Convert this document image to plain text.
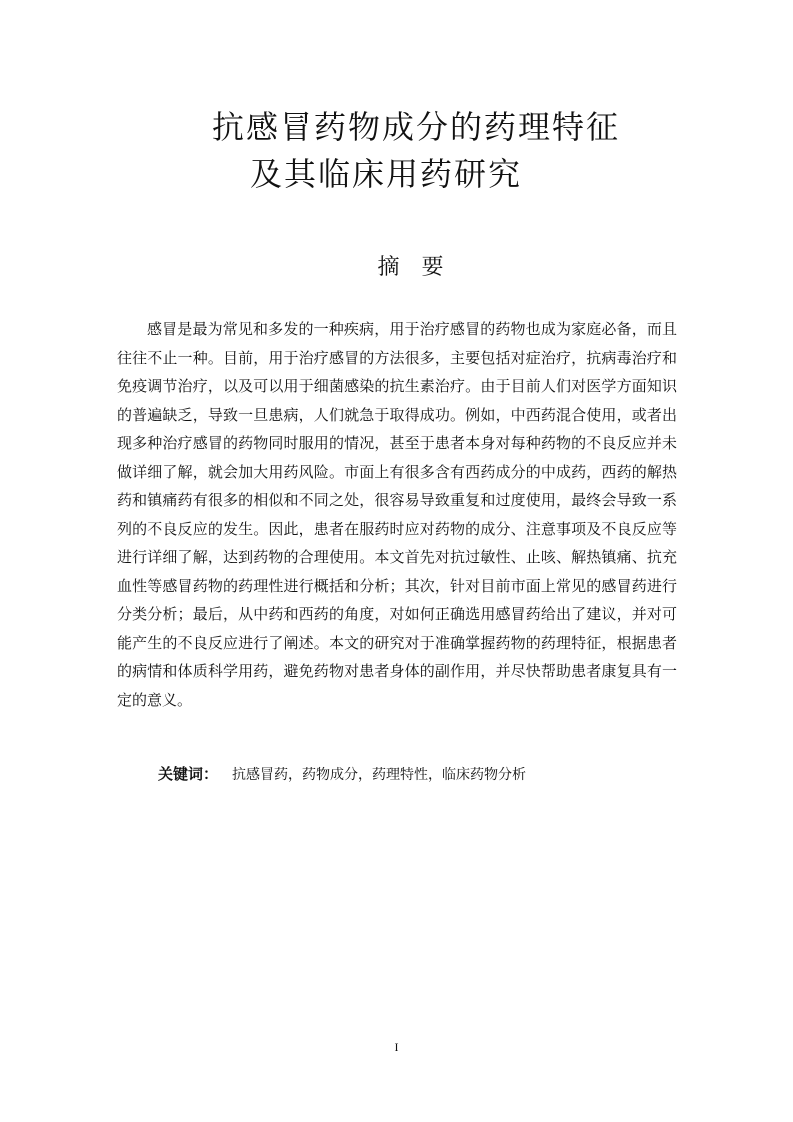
抗感冒药物成分的药理特征
及其临床用药研究
摘要

感冒是最为常见和多发的一种疾病，用于治疗感冒的药物也成为家庭必备，而且往往不止一种。目前，用于治疗感冒的方法很多，主要包括对症治疗，抗病毒治疗和免疫调节治疗，以及可以用于细菌感染的抗生素治疗。由于目前人们对医学方面知识的普遍缺乏，导致一旦患病，人们就急于取得成功。例如，中西药混合使用，或者出现多种治疗感冒的药物同时服用的情况，甚至于患者本身对每种药物的不良反应并未做详细了解，就会加大用药风险。市面上有很多含有西药成分的中成药，西药的解热药和镇痛药有很多的相似和不同之处，很容易导致重复和过度使用，最终会导致一系列的不良反应的发生。因此，患者在服药时应对药物的成分、注意事项及不良反应等进行详细了解，达到药物的合理使用。本文首先对抗过敏性、止咳、解热镇痛、抗充血性等感冒药物的药理性进行概括和分析；其次，针对目前市面上常见的感冒药进行分类分析；最后，从中药和西药的角度，对如何正确选用感冒药给出了建议，并对可能产生的不良反应进行了阐述。本文的研究对于准确掌握药物的药理特征，根据患者的病情和体质科学用药，避免药物对患者身体的副作用，并尽快帮助患者康复具有一定的意义。

关键词： 抗感冒药，药物成分，药理特性，临床药物分析
I
